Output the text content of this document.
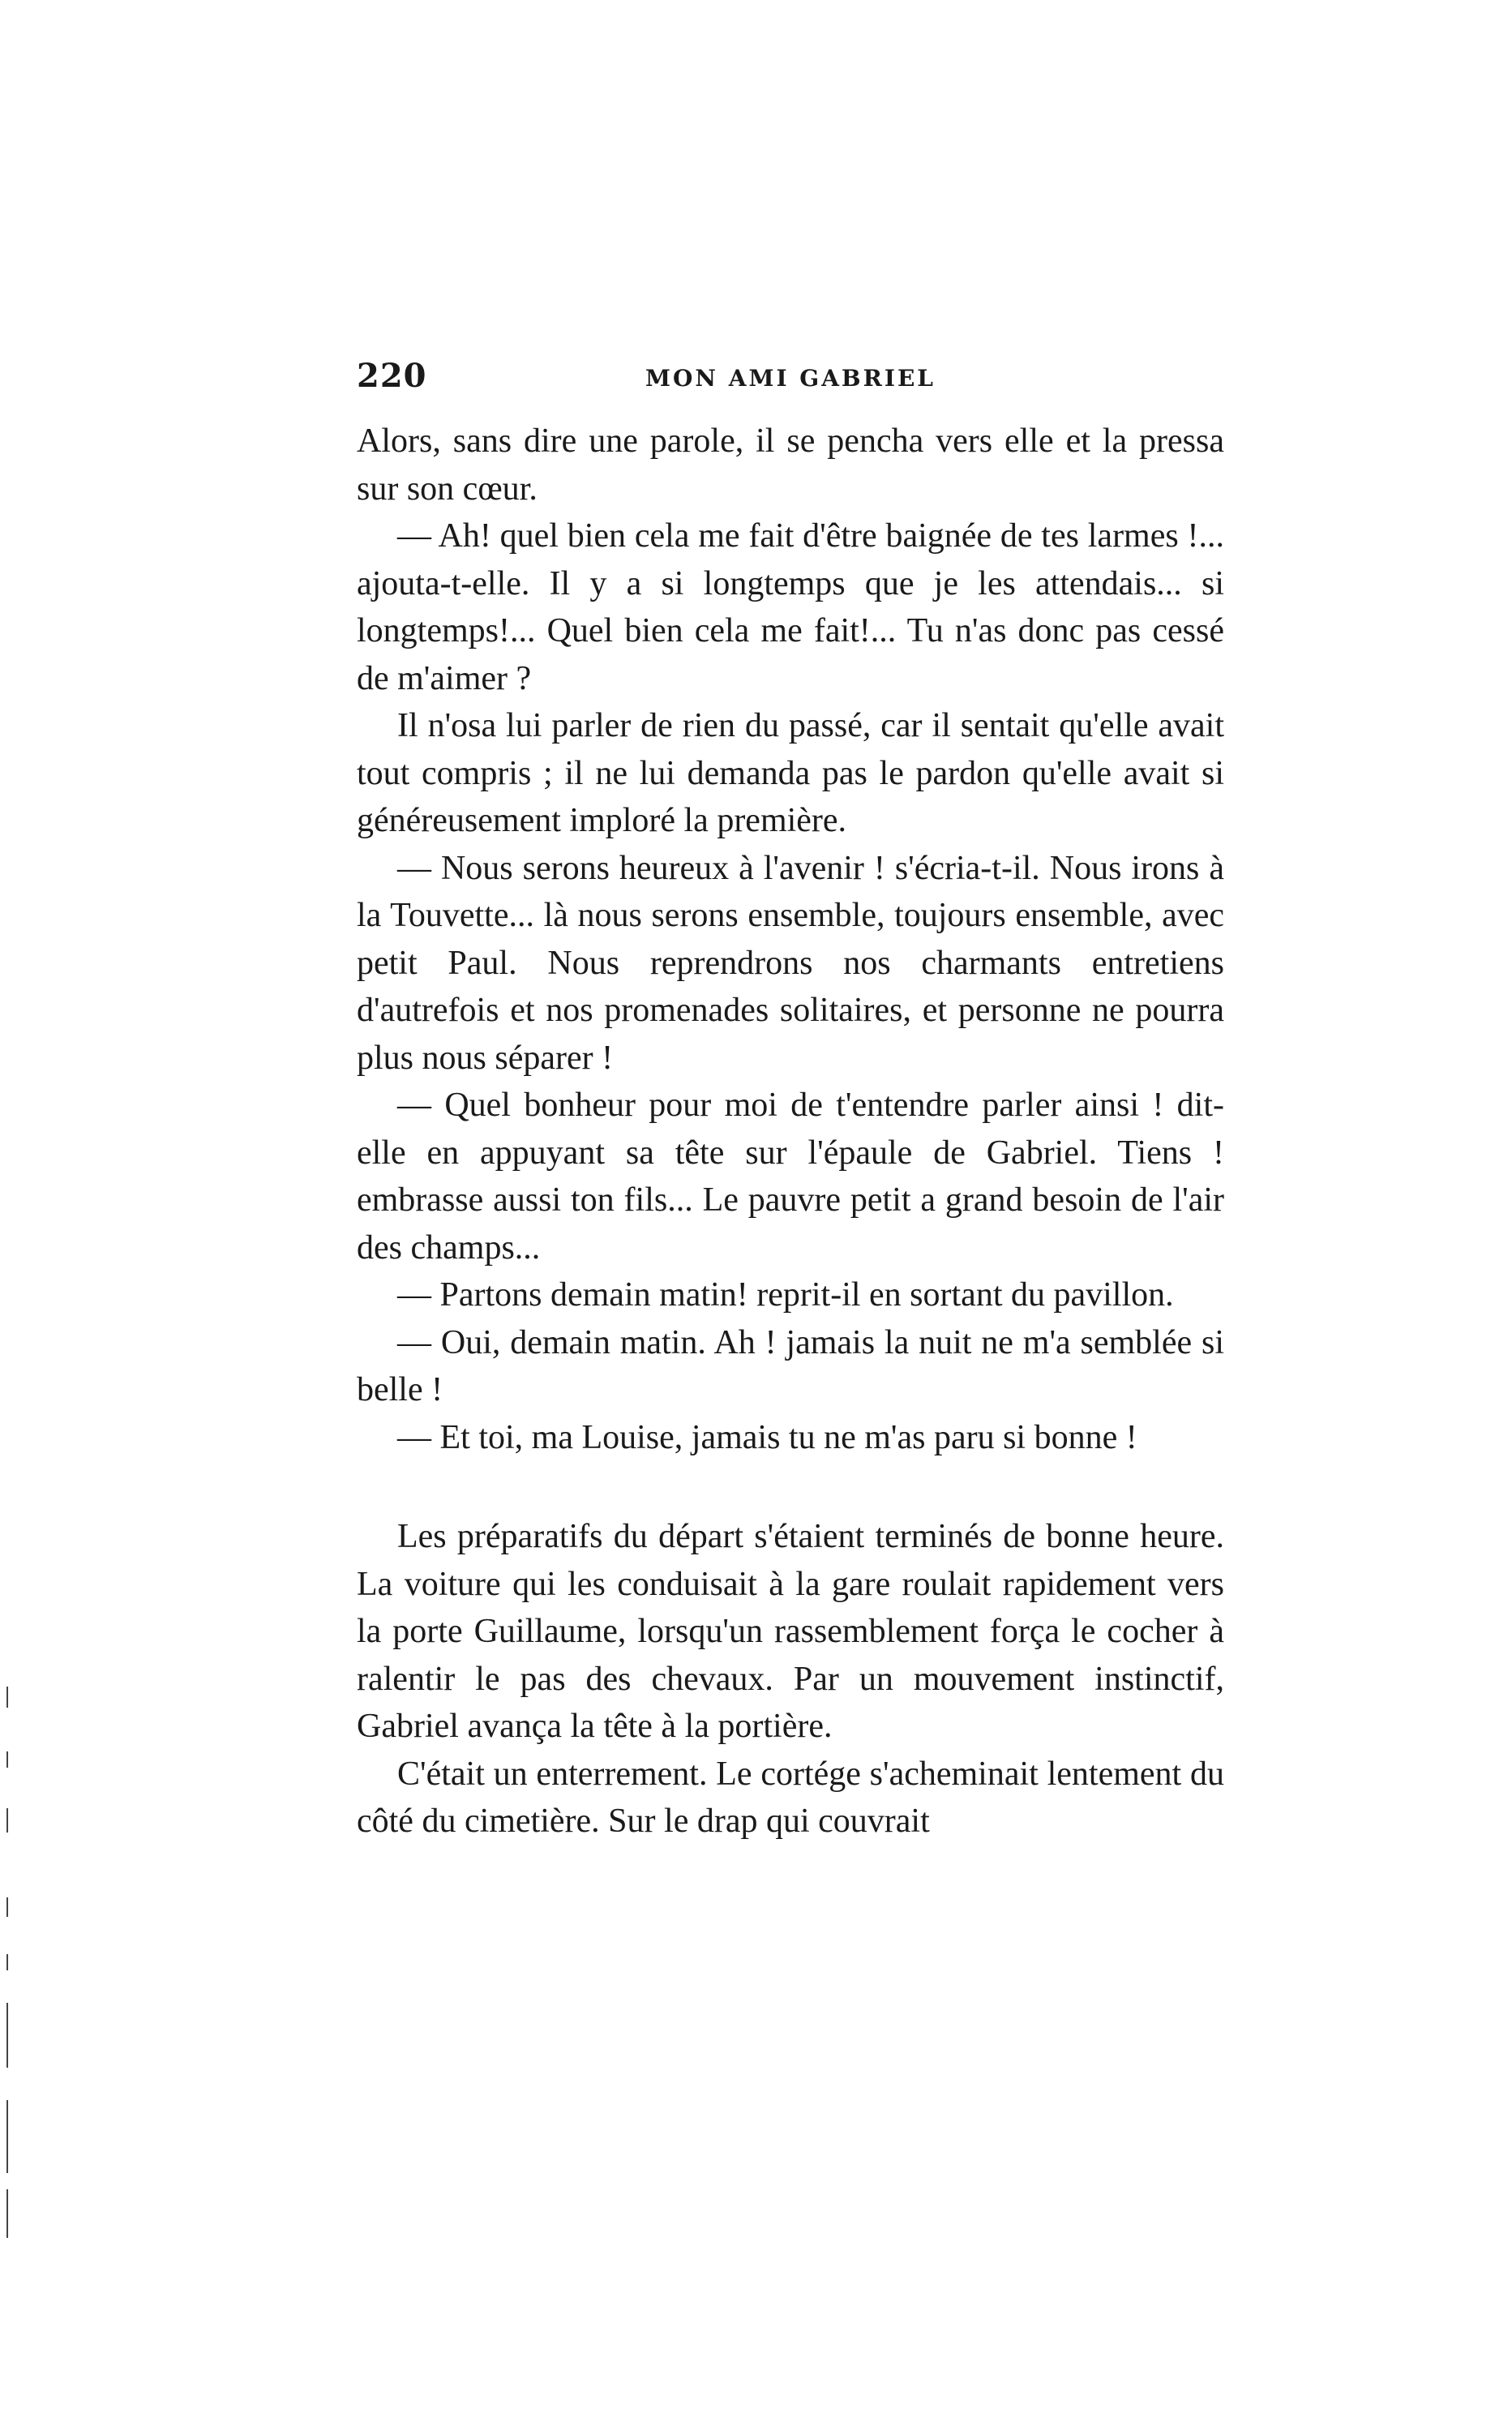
220	MON AMI GABRIEL

Alors, sans dire une parole, il se pencha vers elle et la pressa sur son cœur.

— Ah! quel bien cela me fait d'être baignée de tes larmes !... ajouta-t-elle. Il y a si longtemps que je les attendais... si longtemps!... Quel bien cela me fait!... Tu n'as donc pas cessé de m'aimer ?

Il n'osa lui parler de rien du passé, car il sentait qu'elle avait tout compris ; il ne lui demanda pas le pardon qu'elle avait si généreusement imploré la première.

— Nous serons heureux à l'avenir ! s'écria-t-il. Nous irons à la Touvette... là nous serons ensemble, toujours ensemble, avec petit Paul. Nous reprendrons nos charmants entretiens d'autrefois et nos promenades solitaires, et personne ne pourra plus nous séparer !

— Quel bonheur pour moi de t'entendre parler ainsi ! dit-elle en appuyant sa tête sur l'épaule de Gabriel. Tiens ! embrasse aussi ton fils... Le pauvre petit a grand besoin de l'air des champs...

— Partons demain matin! reprit-il en sortant du pavillon.

— Oui, demain matin. Ah ! jamais la nuit ne m'a semblée si belle !

— Et toi, ma Louise, jamais tu ne m'as paru si bonne !

Les préparatifs du départ s'étaient terminés de bonne heure. La voiture qui les conduisait à la gare roulait rapidement vers la porte Guillaume, lorsqu'un rassemblement força le cocher à ralentir le pas des chevaux. Par un mouvement instinctif, Gabriel avança la tête à la portière.

C'était un enterrement. Le cortége s'acheminait lentement du côté du cimetière. Sur le drap qui couvrait
